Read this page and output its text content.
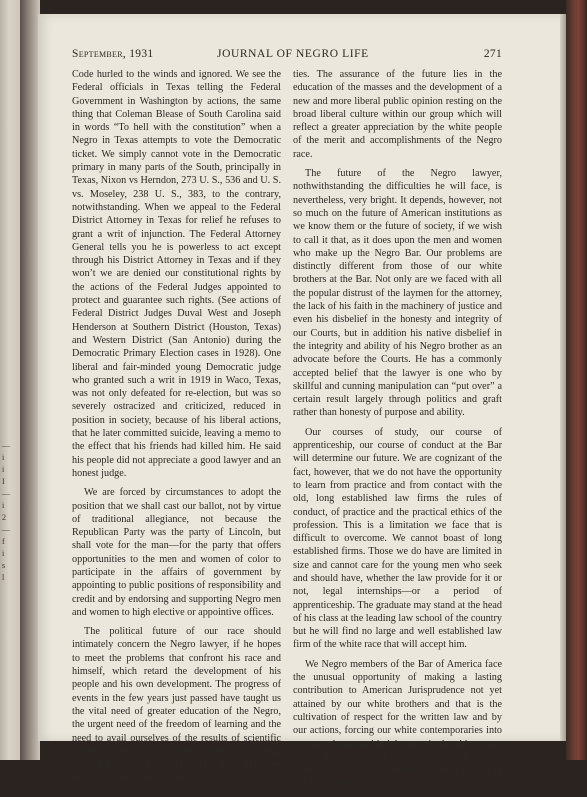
—
i
i
I
—
i
2
—
f
i
s
l
September, 1931	JOURNAL OF NEGRO LIFE	271

Code hurled to the winds and ignored. We see the Federal officials in Texas telling the Federal Government in Washington by actions, the same thing that Coleman Blease of South Carolina said in words “To hell with the constitution” when a Negro in Texas attempts to vote the Democratic ticket. We simply cannot vote in the Democratic primary in many parts of the South, principally in Texas, Nixon vs Herndon, 273 U. S., 536 and U. S. vs. Moseley, 238 U. S., 383, to the contrary, notwithstanding. When we appeal to the Federal District Attorney in Texas for relief he refuses to grant a writ of injunction. The Federal Attorney General tells you he is powerless to act except through his District Attorney in Texas and if they won’t we are denied our constitutional rights by the actions of the Federal Judges appointed to protect and guarantee such rights. (See actions of Federal District Judges Duval West and Joseph Henderson at Southern District (Houston, Texas) and Western District (San Antonio) during the Democratic Primary Election cases in 1928). One liberal and fair-minded young Democratic judge who granted such a writ in 1919 in Waco, Texas, was not only defeated for re-election, but was so severely ostracized and criticized, reduced in position in society, because of his liberal actions, that he later committed suicide, leaving a memo to the effect that his friends had killed him. He said his people did not appreciate a good lawyer and an honest judge.

We are forced by circumstances to adopt the position that we shall cast our ballot, not by virtue of traditional allegiance, not because the Republican Party was the party of Lincoln, but shall vote for the man—for the party that offers opportunities to the men and women of color to participate in the affairs of government by appointing to public positions of responsibility and credit and by endorsing and supporting Negro men and women to high elective or appointive offices.

The political future of our race should intimately concern the Negro lawyer, if he hopes to meet the problems that confront his race and himself, which retard the development of his people and his own development. The progress of events in the few years just passed have taught us the vital need of greater education of the Negro, the urgent need of the freedom of learning and the need to avail ourselves of the results of scientific investigations in our three spheres of human relationships, our social relations and our economic and political activi-

ties. The assurance of the future lies in the education of the masses and the development of a new and more liberal public opinion resting on the broad liberal culture within our group which will reflect a greater appreciation by the white people of the merit and accomplishments of the Negro race.

The future of the Negro lawyer, nothwithstanding the difficulties he will face, is nevertheless, very bright. It depends, however, not so much on the future of American institutions as we know them or the future of society, if we wish to call it that, as it does upon the men and women who make up the Negro Bar. Our problems are distinctly different from those of our white brothers at the Bar. Not only are we faced with all the popular distrust of the laymen for the attorney, the lack of his faith in the machinery of justice and even his disbelief in the honesty and integrity of our Courts, but in addition his native disbelief in the integrity and ability of his Negro brother as an advocate before the Courts. He has a commonly accepted belief that the lawyer is one who by skillful and cunning manipulation can “put over” a certain result largely through politics and graft rather than honesty of purpose and ability.

Our courses of study, our course of apprenticeship, our course of conduct at the Bar will determine our future. We are cognizant of the fact, however, that we do not have the opportunity to learn from practice and from contact with the old, long established law firms the rules of conduct, of practice and the practical ethics of the profession. This is a limitation we face that is difficult to overcome. We cannot boast of long established firms. Those we do have are limited in size and cannot care for the young men who seek and should have, whether the law provide for it or not, legal internships—or a period of apprenticeship. The graduate may stand at the head of his class at the leading law school of the country but he will find no large and well established law firm of the white race that will accept him.

We Negro members of the Bar of America face the unusual opportunity of making a lasting contribution to American Jurisprudence not yet attained by our white brothers and that is the cultivation of respect for the written law and by our actions, forcing our white contemporaries into a more tolerant and indulgent attitude with respect to the laws designed for the protection of our rights which are now ignored but which we can in this manner make them respect.
